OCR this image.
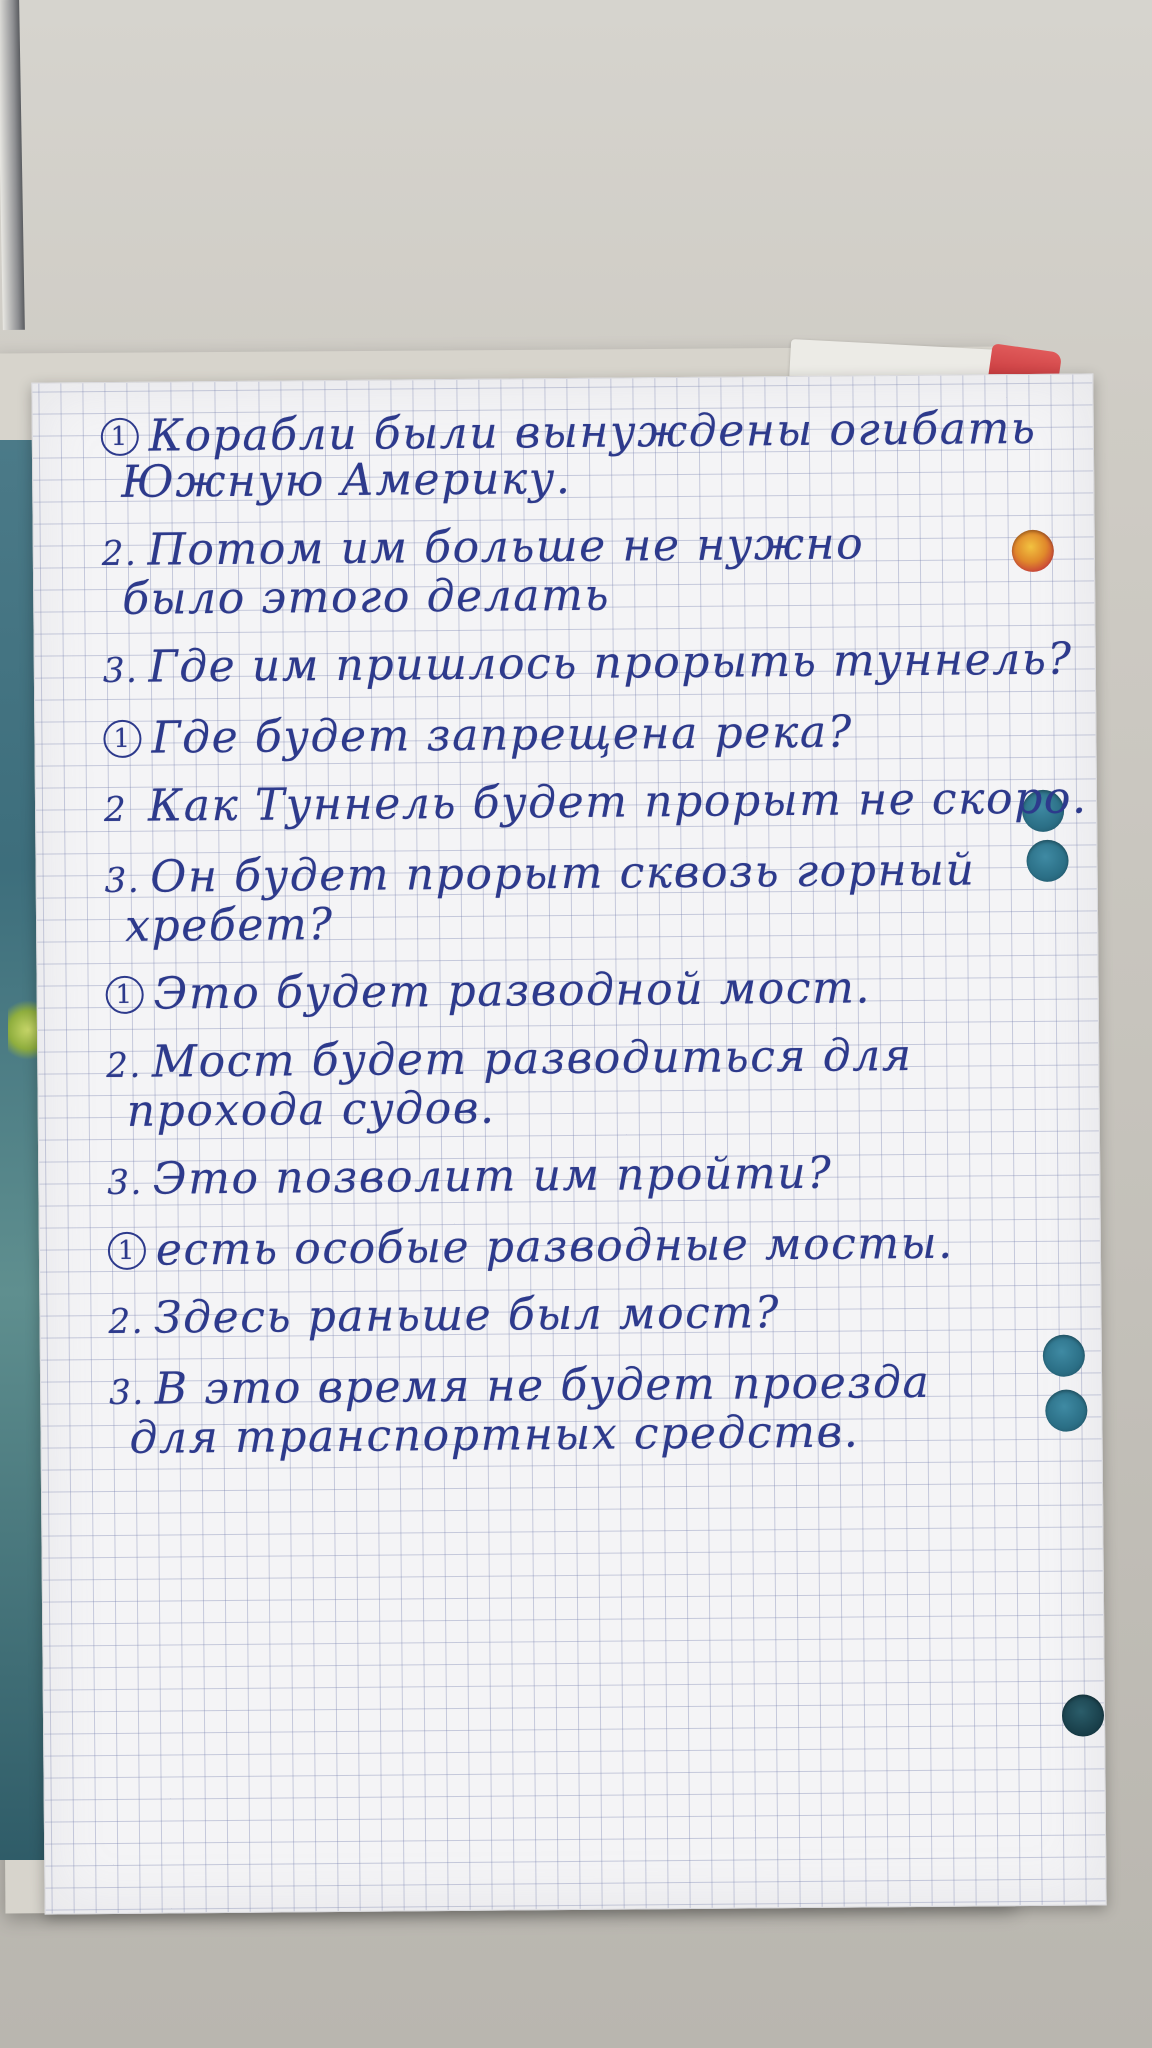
1 Корабли были вынуждены огибать
Южную Америку.
2. Потом им больше не нужно
было этого делать
3. Где им пришлось прорыть туннель?
1 Где будет запрещена река?
2 Как Туннель будет прорыт не скоро.
3. Он будет прорыт сквозь горный
хребет?
1 Это будет разводной мост.
2. Мост будет разводиться для
прохода судов.
3. Это позволит им пройти?
1 есть особые разводные мосты.
2. Здесь раньше был мост?
3. В это время не будет проезда
для транспортных средств.
